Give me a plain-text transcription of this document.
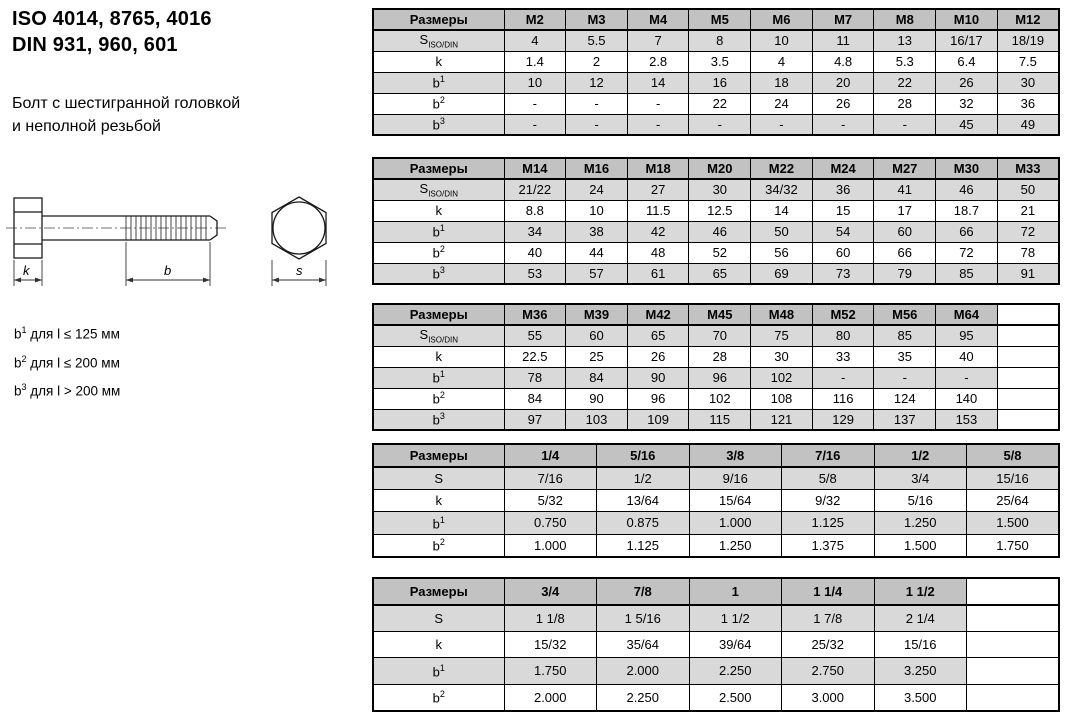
ISO 4014, 8765, 4016
DIN 931, 960, 601
Болт с шестигранной головкой
и неполной резьбой
k	b	s
$b^1$ для l ≤ 125 мм
$b^2$ для l ≤ 200 мм
$b^3$ для l > 200 мм
Размеры	M2	M3	M4	M5	M6	M7	M8	M10	M12
$S_{ISO/DIN}$	4	5.5	7	8	10	11	13	16/17	18/19
k	1.4	2	2.8	3.5	4	4.8	5.3	6.4	7.5
$b^1$	10	12	14	16	18	20	22	26	30
$b^2$	-	-	-	22	24	26	28	32	36
$b^3$	-	-	-	-	-	-	-	45	49
Размеры	M14	M16	M18	M20	M22	M24	M27	M30	M33
$S_{ISO/DIN}$	21/22	24	27	30	34/32	36	41	46	50
k	8.8	10	11.5	12.5	14	15	17	18.7	21
$b^1$	34	38	42	46	50	54	60	66	72
$b^2$	40	44	48	52	56	60	66	72	78
$b^3$	53	57	61	65	69	73	79	85	91
Размеры	M36	M39	M42	M45	M48	M52	M56	M64	
$S_{ISO/DIN}$	55	60	65	70	75	80	85	95	
k	22.5	25	26	28	30	33	35	40	
$b^1$	78	84	90	96	102	-	-	-	
$b^2$	84	90	96	102	108	116	124	140	
$b^3$	97	103	109	115	121	129	137	153	
Размеры	1/4	5/16	3/8	7/16	1/2	5/8
S	7/16	1/2	9/16	5/8	3/4	15/16
k	5/32	13/64	15/64	9/32	5/16	25/64
$b^1$	0.750	0.875	1.000	1.125	1.250	1.500
$b^2$	1.000	1.125	1.250	1.375	1.500	1.750
Размеры	3/4	7/8	1	1 1/4	1 1/2	
S	1 1/8	1 5/16	1 1/2	1 7/8	2 1/4	
k	15/32	35/64	39/64	25/32	15/16	
$b^1$	1.750	2.000	2.250	2.750	3.250	
$b^2$	2.000	2.250	2.500	3.000	3.500	
